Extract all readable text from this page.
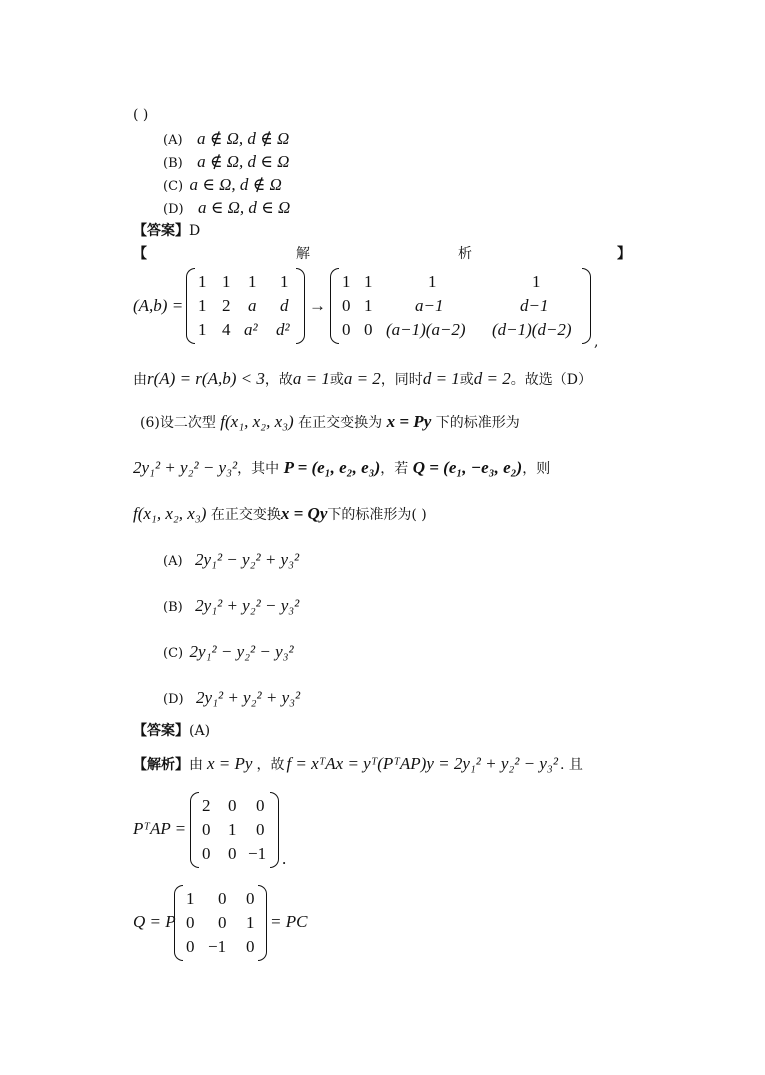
( )
(A) a ∉ Ω, d ∉ Ω
(B) a ∉ Ω, d ∈ Ω
(C) a ∈ Ω, d ∉ Ω
(D) a ∈ Ω, d ∈ Ω
【答案】D
【	解	析	】
(A,b) =
1 1 1 1
1 2 a d
1 4 a² d²
→
1 1	1	1
0 1	a−1	d−1
0 0 (a−1)(a−2) (d−1)(d−2)
,
由r(A) = r(A,b) < 3，故a = 1或a = 2，同时d = 1或d = 2。故选（D）
(6)设二次型 f(x₁, x₂, x₃) 在正交变换为 x = Py 下的标准形为
2y₁² + y₂² − y₃²，其中 P = (e₁, e₂, e₃)，若 Q = (e₁, −e₃, e₂)，则
f(x₁, x₂, x₃) 在正交变换x = Qy下的标准形为( )
(A) 2y₁² − y₂² + y₃²
(B) 2y₁² + y₂² − y₃²
(C) 2y₁² − y₂² − y₃²
(D) 2y₁² + y₂² + y₃²
【答案】(A)
【解析】由 x = Py ，故 f = xᵀAx = yᵀ(PᵀAP)y = 2y₁² + y₂² − y₃² . 且
PᵀAP =
2 0 0
0 1 0
0 0 −1 .
Q = P
1 0 0
0 0 1
0 −1 0
= PC
